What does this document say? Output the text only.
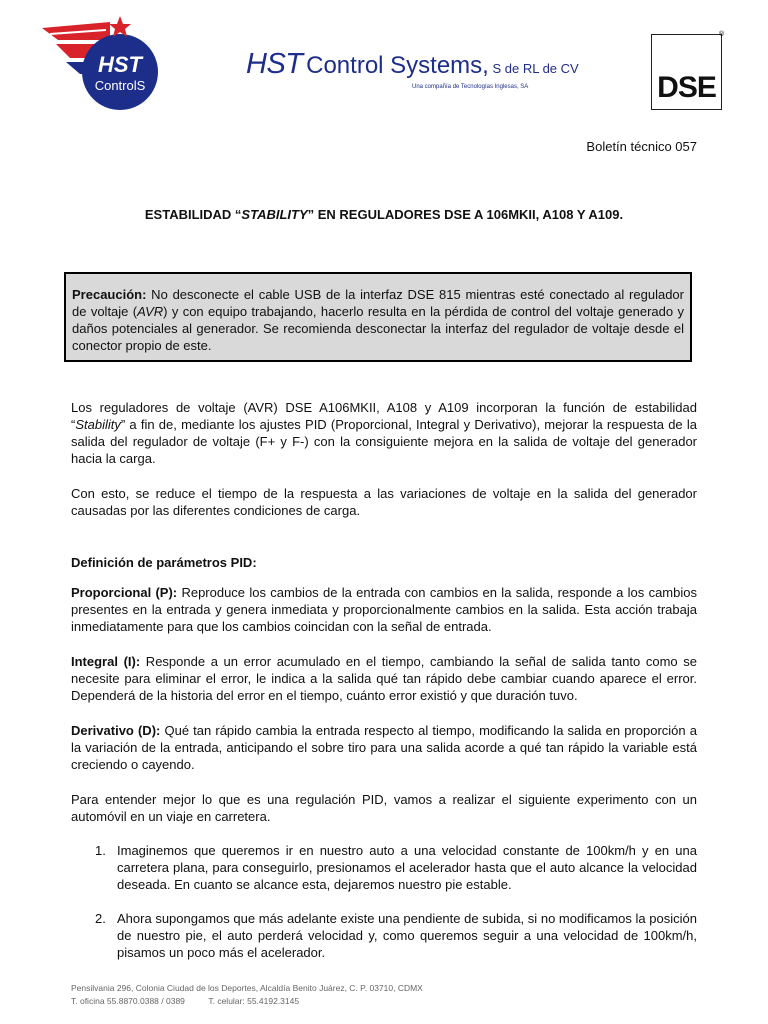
HST
ControlS
HST Control Systems, S de RL de CV
Una compañía de Tecnologías Inglesas, SA	DSE
®
Boletín técnico 057
ESTABILIDAD “STABILITY” EN REGULADORES DSE A 106MKII, A108 Y A109.
Precaución: No desconecte el cable USB de la interfaz DSE 815 mientras esté conectado al regulador de voltaje (AVR) y con equipo trabajando, hacerlo resulta en la pérdida de control del voltaje generado y daños potenciales al generador. Se recomienda desconectar la interfaz del regulador de voltaje desde el conector propio de este.
Los reguladores de voltaje (AVR) DSE A106MKII, A108 y A109 incorporan la función de estabilidad “Stability” a fin de, mediante los ajustes PID (Proporcional, Integral y Derivativo), mejorar la respuesta de la salida del regulador de voltaje (F+ y F-) con la consiguiente mejora en la salida de voltaje del generador hacia la carga.
Con esto, se reduce el tiempo de la respuesta a las variaciones de voltaje en la salida del generador causadas por las diferentes condiciones de carga.
Definición de parámetros PID:
Proporcional (P): Reproduce los cambios de la entrada con cambios en la salida, responde a los cambios presentes en la entrada y genera inmediata y proporcionalmente cambios en la salida. Esta acción trabaja inmediatamente para que los cambios coincidan con la señal de entrada.
Integral (I): Responde a un error acumulado en el tiempo, cambiando la señal de salida tanto como se necesite para eliminar el error, le indica a la salida qué tan rápido debe cambiar cuando aparece el error. Dependerá de la historia del error en el tiempo, cuánto error existió y que duración tuvo.
Derivativo (D): Qué tan rápido cambia la entrada respecto al tiempo, modificando la salida en proporción a la variación de la entrada, anticipando el sobre tiro para una salida acorde a qué tan rápido la variable está creciendo o cayendo.
Para entender mejor lo que es una regulación PID, vamos a realizar el siguiente experimento con un automóvil en un viaje en carretera.
1. Imaginemos que queremos ir en nuestro auto a una velocidad constante de 100km/h y en una carretera plana, para conseguirlo, presionamos el acelerador hasta que el auto alcance la velocidad deseada. En cuanto se alcance esta, dejaremos nuestro pie estable.
2. Ahora supongamos que más adelante existe una pendiente de subida, si no modificamos la posición de nuestro pie, el auto perderá velocidad y, como queremos seguir a una velocidad de 100km/h, pisamos un poco más el acelerador.
Pensilvania 296, Colonia Ciudad de los Deportes, Alcaldía Benito Juárez, C. P. 03710, CDMX
T. oficina 55.8870.0388 / 0389          T. celular: 55.4192.3145
